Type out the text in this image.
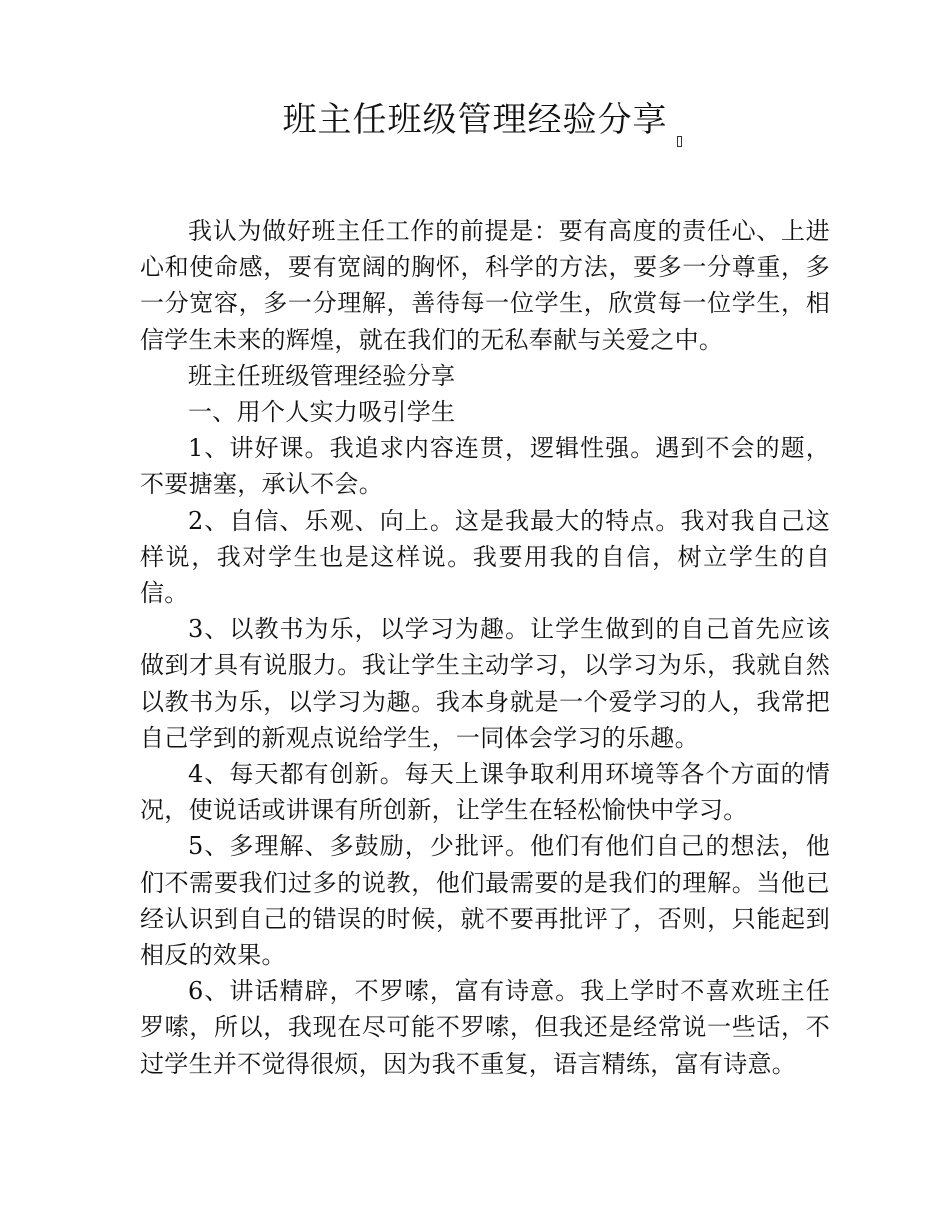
班主任班级管理经验分享

我认为做好班主任工作的前提是：要有高度的责任心、上进心和使命感，要有宽阔的胸怀，科学的方法，要多一分尊重，多一分宽容，多一分理解，善待每一位学生，欣赏每一位学生，相信学生未来的辉煌，就在我们的无私奉献与关爱之中。

班主任班级管理经验分享

一、用个人实力吸引学生

1、讲好课。我追求内容连贯，逻辑性强。遇到不会的题，不要搪塞，承认不会。

2、自信、乐观、向上。这是我最大的特点。我对我自己这样说，我对学生也是这样说。我要用我的自信，树立学生的自信。

3、以教书为乐，以学习为趣。让学生做到的自己首先应该做到才具有说服力。我让学生主动学习，以学习为乐，我就自然以教书为乐，以学习为趣。我本身就是一个爱学习的人，我常把自己学到的新观点说给学生，一同体会学习的乐趣。

4、每天都有创新。每天上课争取利用环境等各个方面的情况，使说话或讲课有所创新，让学生在轻松愉快中学习。

5、多理解、多鼓励，少批评。他们有他们自己的想法，他们不需要我们过多的说教，他们最需要的是我们的理解。当他已经认识到自己的错误的时候，就不要再批评了，否则，只能起到相反的效果。

6、讲话精辟，不罗嗦，富有诗意。我上学时不喜欢班主任罗嗦，所以，我现在尽可能不罗嗦，但我还是经常说一些话，不过学生并不觉得很烦，因为我不重复，语言精练，富有诗意。
